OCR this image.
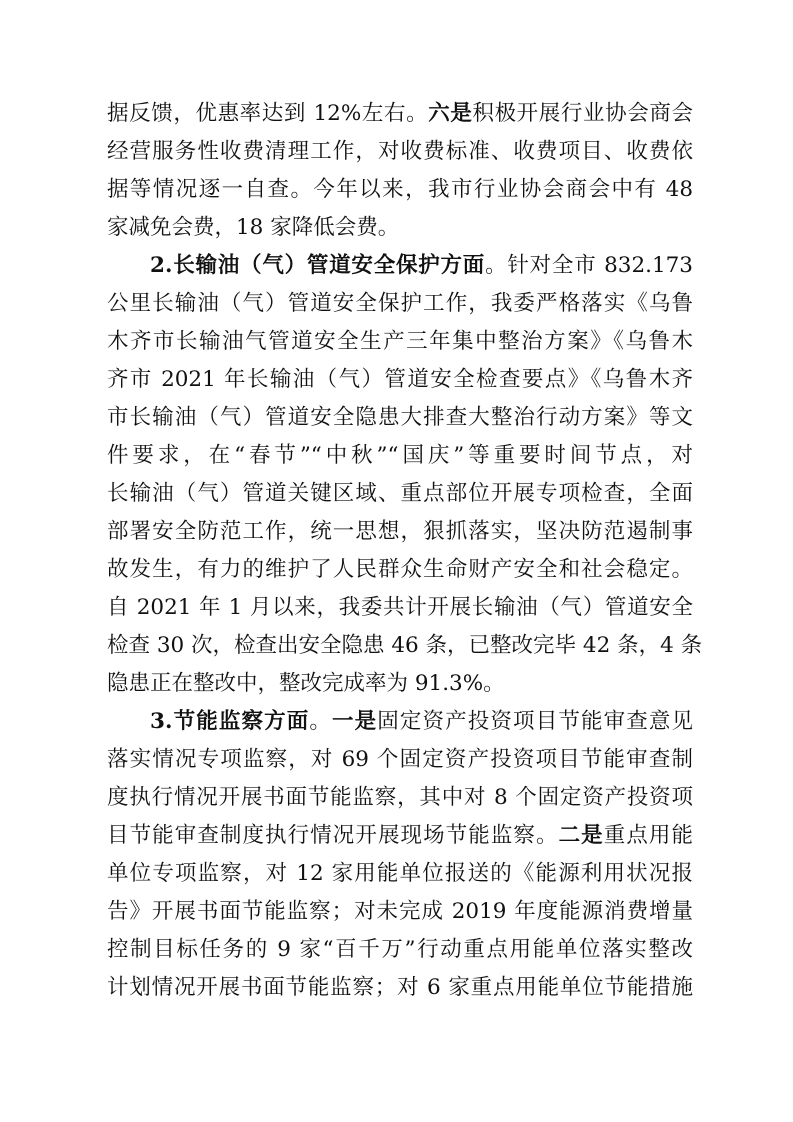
据反馈，优惠率达到 12%左右。六是积极开展行业协会商会
经营服务性收费清理工作，对收费标准、收费项目、收费依
据等情况逐一自查。今年以来，我市行业协会商会中有 48
家减免会费，18 家降低会费。
2.长输油（气）管道安全保护方面。针对全市 832.173
公里长输油（气）管道安全保护工作，我委严格落实《乌鲁
木齐市长输油气管道安全生产三年集中整治方案》《乌鲁木
齐市 2021 年长输油（气）管道安全检查要点》《乌鲁木齐
市长输油（气）管道安全隐患大排查大整治行动方案》等文
件要求，在“春节”“中秋”“国庆”等重要时间节点，对
长输油（气）管道关键区域、重点部位开展专项检查，全面
部署安全防范工作，统一思想，狠抓落实，坚决防范遏制事
故发生，有力的维护了人民群众生命财产安全和社会稳定。
自 2021 年 1 月以来，我委共计开展长输油（气）管道安全
检查 30 次，检查出安全隐患 46 条，已整改完毕 42 条，4 条
隐患正在整改中，整改完成率为 91.3%。
3.节能监察方面。一是固定资产投资项目节能审查意见
落实情况专项监察，对 69 个固定资产投资项目节能审查制
度执行情况开展书面节能监察，其中对 8 个固定资产投资项
目节能审查制度执行情况开展现场节能监察。二是重点用能
单位专项监察，对 12 家用能单位报送的《能源利用状况报
告》开展书面节能监察；对未完成 2019 年度能源消费增量
控制目标任务的 9 家“百千万”行动重点用能单位落实整改
计划情况开展书面节能监察；对 6 家重点用能单位节能措施
